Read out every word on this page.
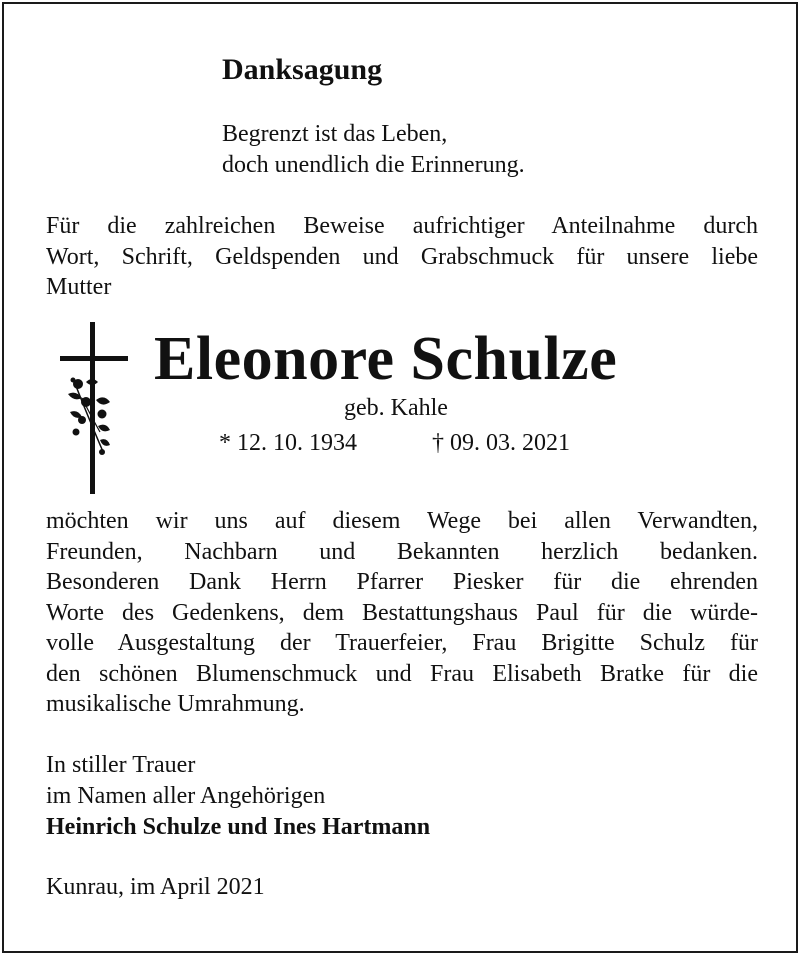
Danksagung
Begrenzt ist das Leben,
doch unendlich die Erinnerung.
Für die zahlreichen Beweise aufrichtiger Anteilnahme durch
Wort, Schrift, Geldspenden und Grabschmuck für unsere liebe
Mutter
Eleonore Schulze
geb. Kahle
* 12. 10. 1934	† 09. 03. 2021
möchten wir uns auf diesem Wege bei allen Verwandten,
Freunden, Nachbarn und Bekannten herzlich bedanken.
Besonderen Dank Herrn Pfarrer Piesker für die ehrenden
Worte des Gedenkens, dem Bestattungshaus Paul für die würde-
volle Ausgestaltung der Trauerfeier, Frau Brigitte Schulz für
den schönen Blumenschmuck und Frau Elisabeth Bratke für die
musikalische Umrahmung.
In stiller Trauer
im Namen aller Angehörigen
Heinrich Schulze und Ines Hartmann
Kunrau, im April 2021
